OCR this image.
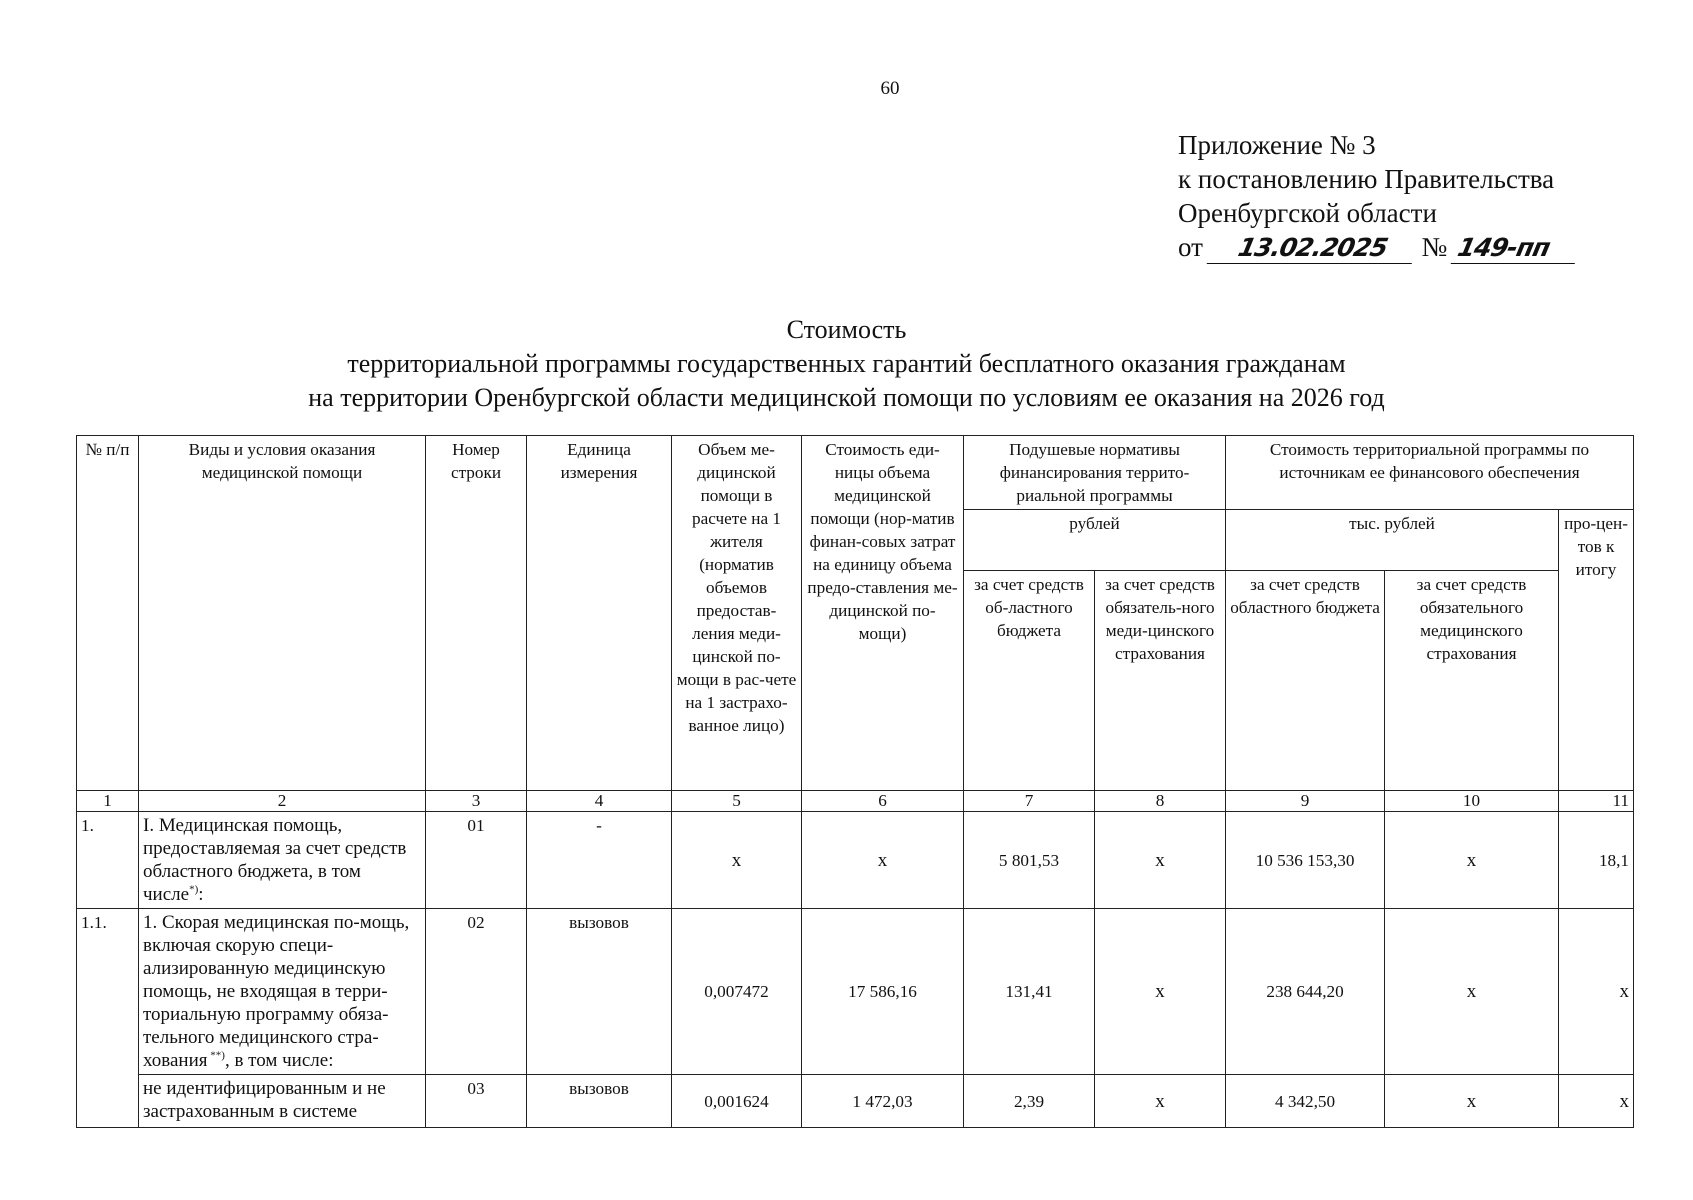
60
Приложение № 3
к постановлению Правительства
Оренбургской области
от 13.02.2025 № 149-пп
Стоимость
территориальной программы государственных гарантий бесплатного оказания гражданам
на территории Оренбургской области медицинской помощи по условиям ее оказания на 2026 год
№ п/п	Виды и условия оказания медицинской помощи	Номер строки	Единица измерения	Объем ме-дицинской помощи в расчете на 1 жителя (норматив объемов предостав-ления меди-цинской по-мощи в рас-чете на 1 застрахо-ванное лицо)	Стоимость еди-ницы объема медицинской помощи (нор-матив финан-совых затрат на единицу объема предо-ставления ме-дицинской по-мощи)	Подушевые нормативы финансирования террито-риальной программы		Стоимость территориальной программы по источникам ее финансового обеспечения		
						рублей		тыс. рублей		про-цен-тов к итогу
						за счет средств об-ластного бюджета	за счет средств обязатель-ного меди-цинского страхования	за счет средств областного бюджета	за счет средств обязательного медицинского страхования	
1	2	3	4	5	6	7	8	9	10	11
1.	I. Медицинская помощь, предоставляемая за счет средств областного бюджета, в том числе*):	01	-	x	x	5 801,53	x	10 536 153,30	x	18,1
1.1.	1. Скорая медицинская по-мощь, включая скорую специ-ализированную медицинскую помощь, не входящая в терри-ториальную программу обяза-тельного медицинского стра-хования **), в том числе:	02	вызовов	0,007472	17 586,16	131,41	x	238 644,20	x	x
	не идентифицированным и не застрахованным в системе	03	вызовов	0,001624	1 472,03	2,39	x	4 342,50	x	x
